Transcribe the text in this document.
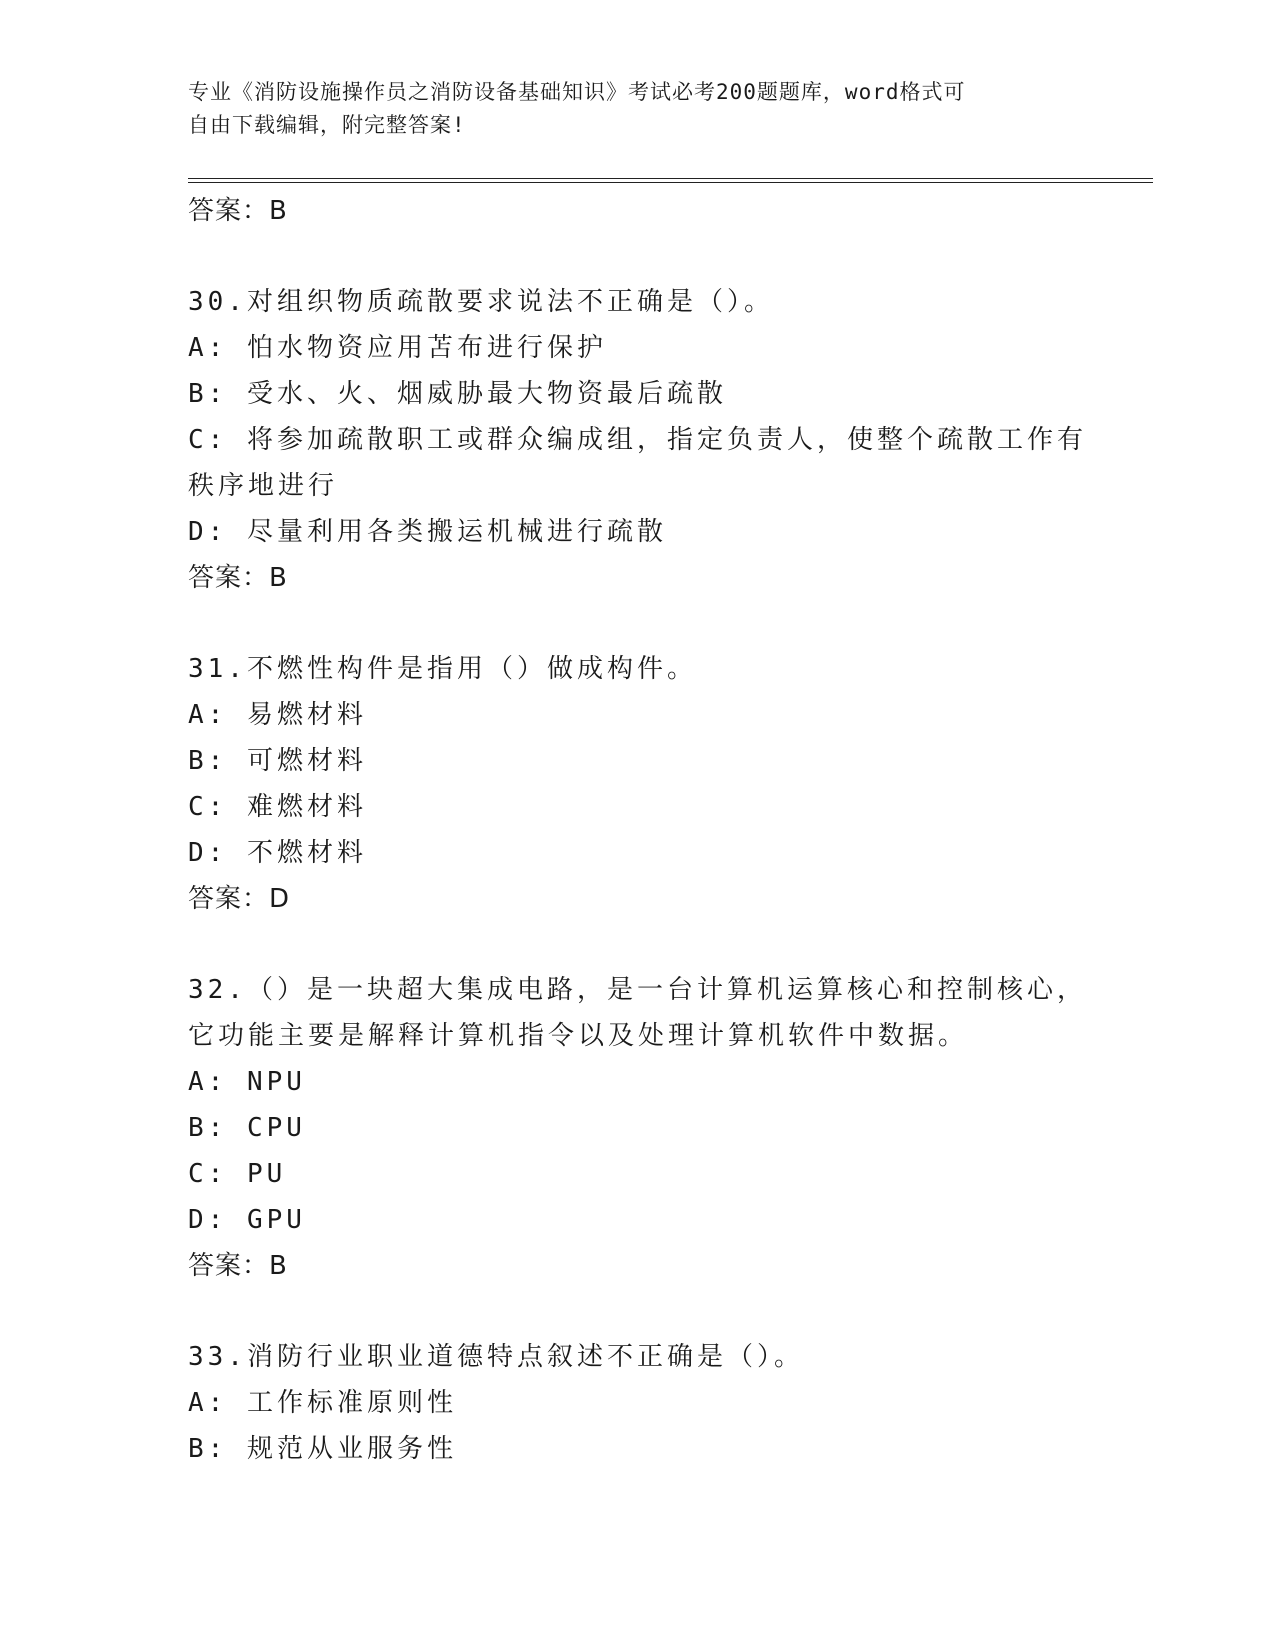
专业《消防设施操作员之消防设备基础知识》考试必考200题题库，word格式可

自由下载编辑，附完整答案!

答案：B

30.对组织物质疏散要求说法不正确是（）。

A: 怕水物资应用苫布进行保护

B: 受水、火、烟威胁最大物资最后疏散

C: 将参加疏散职工或群众编成组，指定负责人，使整个疏散工作有秩序地进行

D: 尽量利用各类搬运机械进行疏散

答案：B

31.不燃性构件是指用（）做成构件。

A: 易燃材料

B: 可燃材料

C: 难燃材料

D: 不燃材料

答案：D

32.（）是一块超大集成电路，是一台计算机运算核心和控制核心，它功能主要是解释计算机指令以及处理计算机软件中数据。

A: NPU

B: CPU

C: PU

D: GPU

答案：B

33.消防行业职业道德特点叙述不正确是（）。

A: 工作标准原则性

B: 规范从业服务性
